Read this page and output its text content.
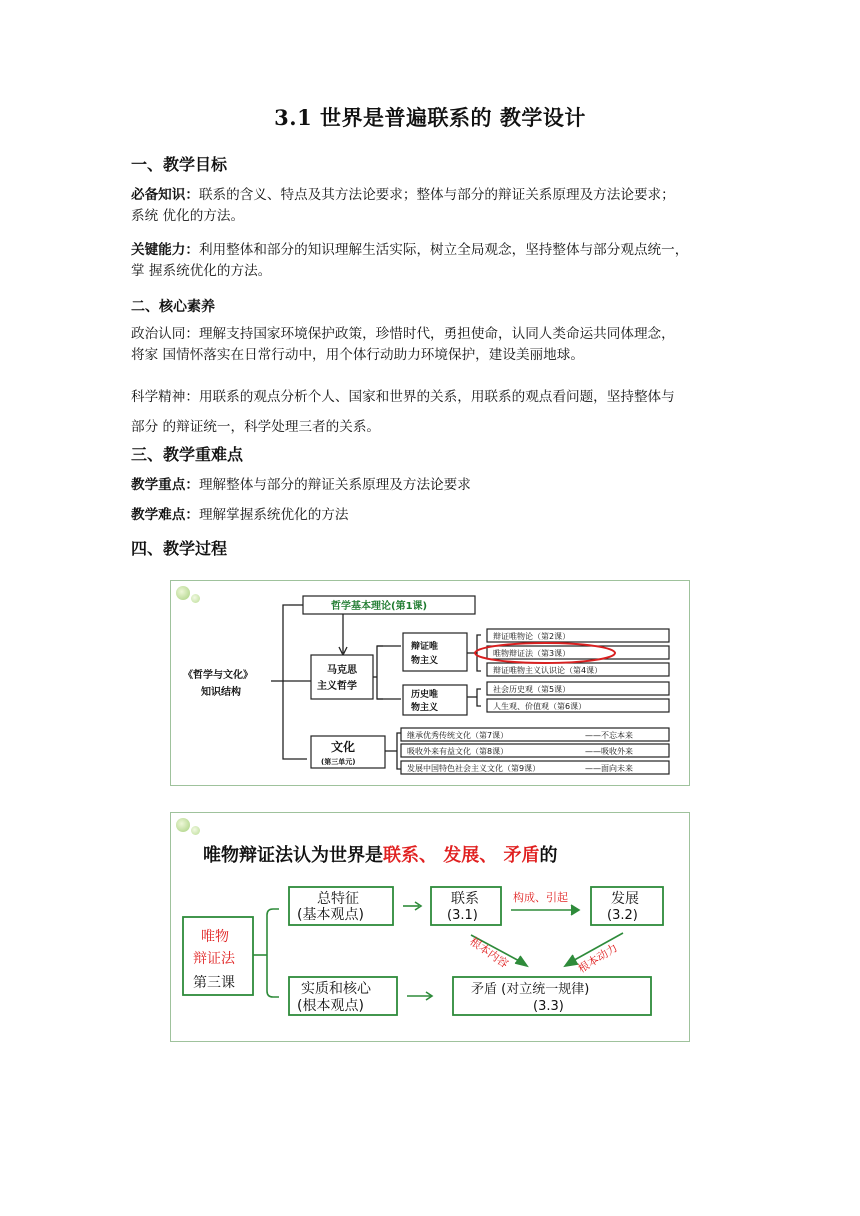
3.1 世界是普遍联系的 教学设计
一、教学目标
必备知识：联系的含义、特点及其方法论要求；整体与部分的辩证关系原理及方法论要求；
系统 优化的方法。
关键能力：利用整体和部分的知识理解生活实际，树立全局观念，坚持整体与部分观点统一，
掌 握系统优化的方法。
二、核心素养
政治认同：理解支持国家环境保护政策，珍惜时代，勇担使命，认同人类命运共同体理念，
将家 国情怀落实在日常行动中，用个体行动助力环境保护，建设美丽地球。
科学精神：用联系的观点分析个人、国家和世界的关系，用联系的观点看问题，坚持整体与
部分 的辩证统一，科学处理三者的关系。
三、教学重难点
教学重点：理解整体与部分的辩证关系原理及方法论要求
教学难点：理解掌握系统优化的方法
四、教学过程
《哲学与文化》
知识结构
哲学基本理论(第1课)
马克思
主义哲学
辩证唯
物主义
历史唯
物主义
文化
(第三单元)
辩证唯物论（第2课）
唯物辩证法（第3课）
辩证唯物主义认识论（第4课）
社会历史观（第5课）
人生观、价值观（第6课）
继承优秀传统文化（第7课）	——不忘本来
吸收外来有益文化（第8课）	——吸收外来
发展中国特色社会主义文化（第9课）	——面向未来
唯物辩证法认为世界是联系、 发展、 矛盾的
唯物
辩证法
第三课
总特征
(基本观点)
实质和核心
(根本观点)
联系
(3.1)
发展
(3.2)
矛盾 (对立统一规律)
(3.3)
构成、引起
根本内容	根本动力
